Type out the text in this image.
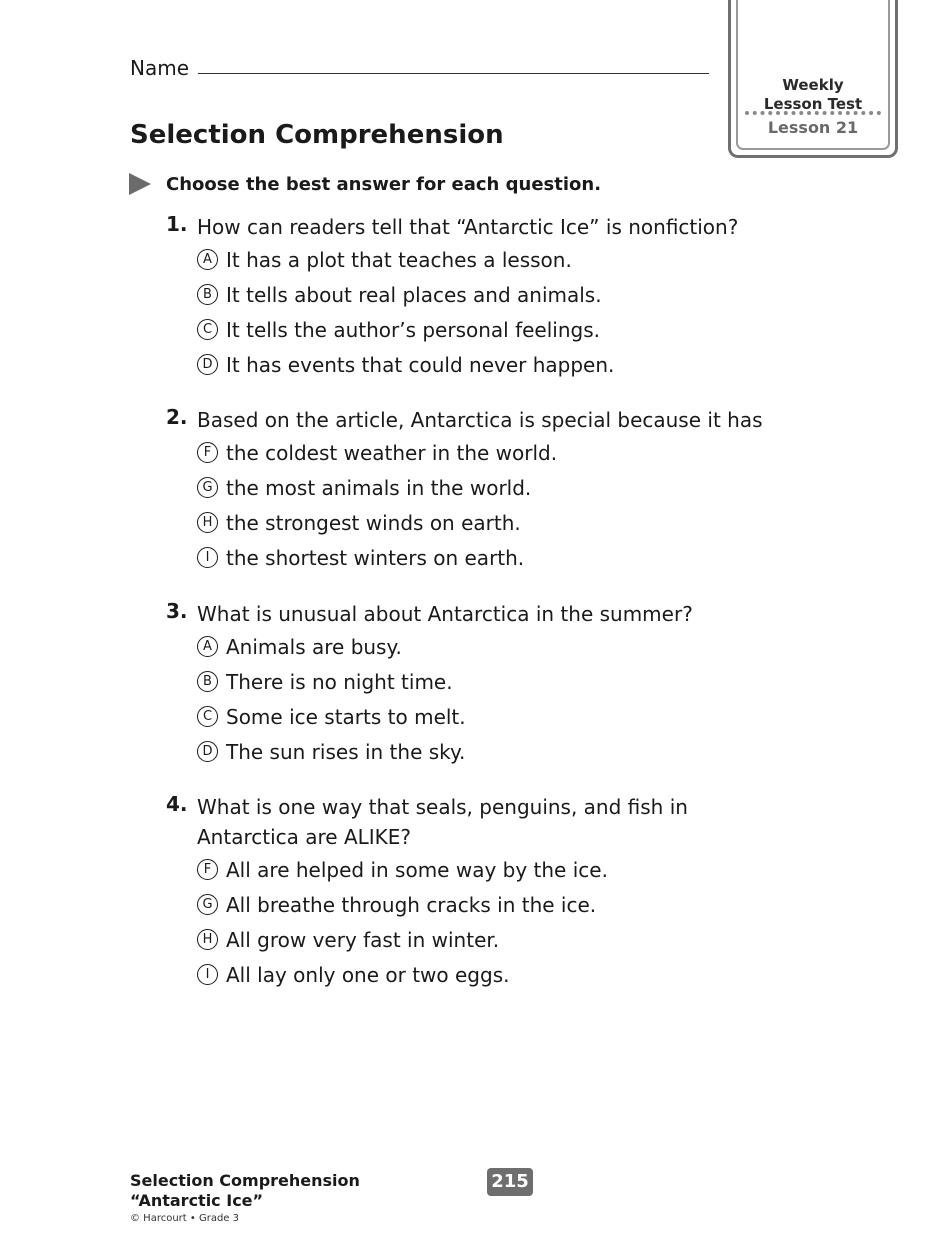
Weekly
Lesson Test
Lesson 21
Name
Selection Comprehension
Choose the best answer for each question.
1. How can readers tell that “Antarctic Ice” is nonfiction?
A It has a plot that teaches a lesson.
B It tells about real places and animals.
C It tells the author’s personal feelings.
D It has events that could never happen.
2. Based on the article, Antarctica is special because it has
F the coldest weather in the world.
G the most animals in the world.
H the strongest winds on earth.
I the shortest winters on earth.
3. What is unusual about Antarctica in the summer?
A Animals are busy.
B There is no night time.
C Some ice starts to melt.
D The sun rises in the sky.
4. What is one way that seals, penguins, and fish in Antarctica are ALIKE?
F All are helped in some way by the ice.
G All breathe through cracks in the ice.
H All grow very fast in winter.
I All lay only one or two eggs.
Selection Comprehension
“Antarctic Ice”
© Harcourt • Grade 3
215
